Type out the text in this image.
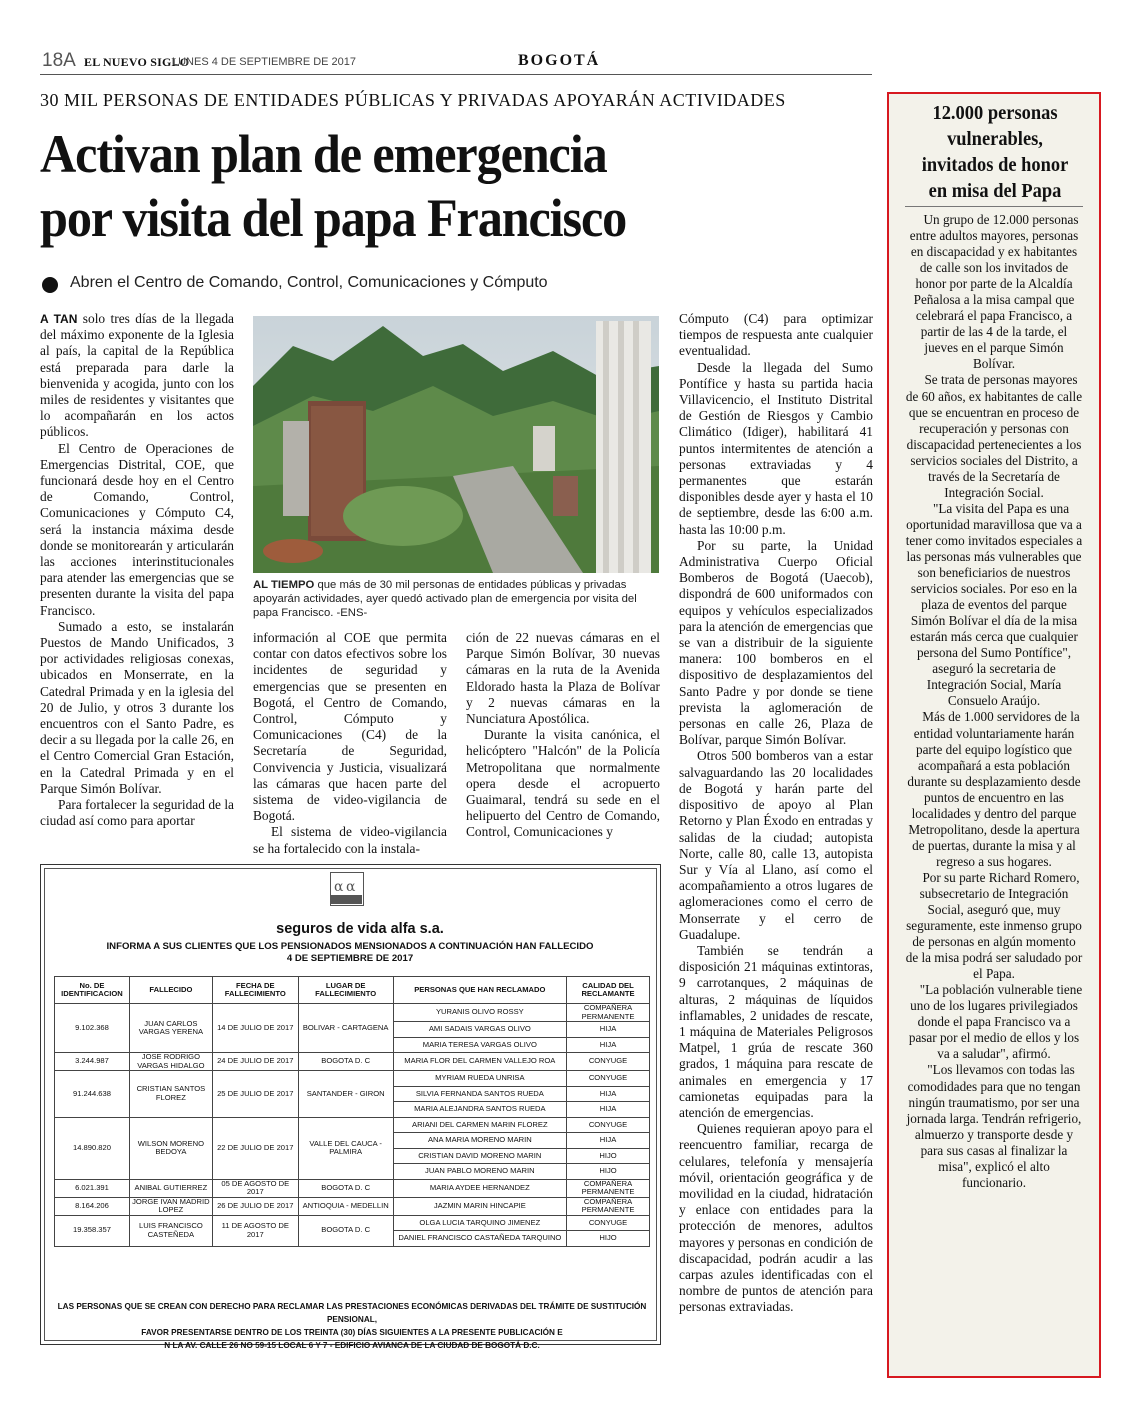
18A EL NUEVO SIGLO
LUNES 4 DE SEPTIEMBRE DE 2017	BOGOTÁ
30 MIL PERSONAS DE ENTIDADES PÚBLICAS Y PRIVADAS APOYARÁN ACTIVIDADES
Activan plan de emergencia
por visita del papa Francisco
Abren el Centro de Comando, Control, Comunicaciones y Cómputo

A TAN solo tres días de la llegada del máximo exponente de la Iglesia al país, la capital de la República está preparada para darle la bienvenida y acogida, junto con los miles de residentes y visitantes que lo acompañarán en los actos públicos.

El Centro de Operaciones de Emergencias Distrital, COE, que funcionará desde hoy en el Centro de Comando, Control, Comunicaciones y Cómputo C4, será la instancia máxima desde donde se monitorearán y articularán las acciones interinstitucionales para atender las emergencias que se presenten durante la visita del papa Francisco.

Sumado a esto, se instalarán Puestos de Mando Unificados, 3 por actividades religiosas conexas, ubicados en Monserrate, en la Catedral Primada y en la iglesia del 20 de Julio, y otros 3 durante los encuentros con el Santo Padre, es decir a su llegada por la calle 26, en el Centro Comercial Gran Estación, en la Catedral Primada y en el Parque Simón Bolívar.

Para fortalecer la seguridad de la ciudad así como para aportar

AL TIEMPO que más de 30 mil personas de entidades públicas y privadas apoyarán actividades, ayer quedó activado plan de emergencia por visita del papa Francisco. -ENS-

información al COE que permita contar con datos efectivos sobre los incidentes de seguridad y emergencias que se presenten en Bogotá, el Centro de Comando, Control, Cómputo y Comunicaciones (C4) de la Secretaría de Seguridad, Convivencia y Justicia, visualizará las cámaras que hacen parte del sistema de video-vigilancia de Bogotá.

El sistema de video-vigilancia se ha fortalecido con la instala-

ción de 22 nuevas cámaras en el Parque Simón Bolívar, 30 nuevas cámaras en la ruta de la Avenida Eldorado hasta la Plaza de Bolívar y 2 nuevas cámaras en la Nunciatura Apostólica.

Durante la visita canónica, el helicóptero "Halcón" de la Policía Metropolitana que normalmente opera desde el acropuerto Guaimaral, tendrá su sede en el helipuerto del Centro de Comando, Control, Comunicaciones y

Cómputo (C4) para optimizar tiempos de respuesta ante cualquier eventualidad.

Desde la llegada del Sumo Pontífice y hasta su partida hacia Villavicencio, el Instituto Distrital de Gestión de Riesgos y Cambio Climático (Idiger), habilitará 41 puntos intermitentes de atención a personas extraviadas y 4 permanentes que estarán disponibles desde ayer y hasta el 10 de septiembre, desde las 6:00 a.m. hasta las 10:00 p.m.

Por su parte, la Unidad Administrativa Cuerpo Oficial Bomberos de Bogotá (Uaecob), dispondrá de 600 uniformados con equipos y vehículos especializados para la atención de emergencias que se van a distribuir de la siguiente manera: 100 bomberos en el dispositivo de desplazamientos del Santo Padre y por donde se tiene prevista la aglomeración de personas en calle 26, Plaza de Bolívar, parque Simón Bolívar.

Otros 500 bomberos van a estar salvaguardando las 20 localidades de Bogotá y harán parte del dispositivo de apoyo al Plan Retorno y Plan Éxodo en entradas y salidas de la ciudad; autopista Norte, calle 80, calle 13, autopista Sur y Vía al Llano, así como el acompañamiento a otros lugares de aglomeraciones como el cerro de Monserrate y el cerro de Guadalupe.

También se tendrán a disposición 21 máquinas extintoras, 9 carrotanques, 2 máquinas de alturas, 2 máquinas de líquidos inflamables, 2 unidades de rescate, 1 máquina de Materiales Peligrosos Matpel, 1 grúa de rescate 360 grados, 1 máquina para rescate de animales en emergencia y 17 camionetas equipadas para la atención de emergencias.

Quienes requieran apoyo para el reencuentro familiar, recarga de celulares, telefonía y mensajería móvil, orientación geográfica y de movilidad en la ciudad, hidratación y enlace con entidades para la protección de menores, adultos mayores y personas en condición de discapacidad, podrán acudir a las carpas azules identificadas con el nombre de puntos de atención para personas extraviadas.

12.000 personas vulnerables, invitados de honor en misa del Papa

Un grupo de 12.000 personas entre adultos mayores, personas en discapacidad y ex habitantes de calle son los invitados de honor por parte de la Alcaldía Peñalosa a la misa campal que celebrará el papa Francisco, a partir de las 4 de la tarde, el jueves en el parque Simón Bolívar.

Se trata de personas mayores de 60 años, ex habitantes de calle que se encuentran en proceso de recuperación y personas con discapacidad pertenecientes a los servicios sociales del Distrito, a través de la Secretaría de Integración Social.

"La visita del Papa es una oportunidad maravillosa que va a tener como invitados especiales a las personas más vulnerables que son beneficiarios de nuestros servicios sociales. Por eso en la plaza de eventos del parque Simón Bolívar el día de la misa estarán más cerca que cualquier persona del Sumo Pontífice", aseguró la secretaria de Integración Social, María Consuelo Araújo.

Más de 1.000 servidores de la entidad voluntariamente harán parte del equipo logístico que acompañará a esta población durante su desplazamiento desde puntos de encuentro en las localidades y dentro del parque Metropolitano, desde la apertura de puertas, durante la misa y al regreso a sus hogares.

Por su parte Richard Romero, subsecretario de Integración Social, aseguró que, muy seguramente, este inmenso grupo de personas en algún momento de la misa podrá ser saludado por el Papa.

"La población vulnerable tiene uno de los lugares privilegiados donde el papa Francisco va a pasar por el medio de ellos y los va a saludar", afirmó.

"Los llevamos con todas las comodidades para que no tengan ningún traumatismo, por ser una jornada larga. Tendrán refrigerio, almuerzo y transporte desde y para sus casas al finalizar la misa", explicó el alto funcionario.

α α
seguros de vida alfa s.a.
INFORMA A SUS CLIENTES QUE LOS PENSIONADOS MENSIONADOS A CONTINUACIÓN HAN FALLECIDO
4 DE SEPTIEMBRE DE 2017
No. DE IDENTIFICACION	FALLECIDO	FECHA DE FALLECIMIENTO	LUGAR DE FALLECIMIENTO	PERSONAS QUE HAN RECLAMADO	CALIDAD DEL RECLAMANTE
9.102.368	JUAN CARLOS VARGAS YERENA	14 DE JULIO DE 2017	BOLIVAR - CARTAGENA	YURANIS OLIVO ROSSY	COMPAÑERA PERMANENTE
				AMI SADAIS VARGAS OLIVO	HIJA
				MARIA TERESA VARGAS OLIVO	HIJA
3.244.987	JOSE RODRIGO VARGAS HIDALGO	24 DE JULIO DE 2017	BOGOTA D. C	MARIA FLOR DEL CARMEN VALLEJO ROA	CONYUGE
91.244.638	CRISTIAN SANTOS FLOREZ	25 DE JULIO DE 2017	SANTANDER - GIRON	MYRIAM RUEDA UNRISA	CONYUGE
				SILVIA FERNANDA SANTOS RUEDA	HIJA
				MARIA ALEJANDRA SANTOS RUEDA	HIJA
14.890.820	WILSON MORENO BEDOYA	22 DE JULIO DE 2017	VALLE DEL CAUCA - PALMIRA	ARIANI DEL CARMEN MARIN FLOREZ	CONYUGE
				ANA MARIA MORENO MARIN	HIJA
				CRISTIAN DAVID MORENO MARIN	HIJO
				JUAN PABLO MORENO MARIN	HIJO
6.021.391	ANIBAL GUTIERREZ	05 DE AGOSTO DE 2017	BOGOTA D. C	MARIA AYDEE HERNANDEZ	COMPAÑERA PERMANENTE
8.164.206	JORGE IVAN MADRID LOPEZ	26 DE JULIO DE 2017	ANTIOQUIA - MEDELLIN	JAZMIN MARIN HINCAPIE	COMPAÑERA PERMANENTE
19.358.357	LUIS FRANCISCO CASTEÑEDA	11 DE AGOSTO DE 2017	BOGOTA D. C	OLGA LUCIA TARQUINO JIMENEZ	CONYUGE
				DANIEL FRANCISCO CASTAÑEDA TARQUINO	HIJO
LAS PERSONAS QUE SE CREAN CON DERECHO PARA RECLAMAR LAS PRESTACIONES ECONÓMICAS DERIVADAS DEL TRÁMITE DE SUSTITUCIÓN PENSIONAL,
FAVOR PRESENTARSE DENTRO DE LOS TREINTA (30) DÍAS SIGUIENTES A LA PRESENTE PUBLICACIÓN E
N LA AV. CALLE 26 NO 59-15 LOCAL 6 Y 7 - EDIFICIO AVIANCA DE LA CIUDAD DE BOGOTÁ D.C.
